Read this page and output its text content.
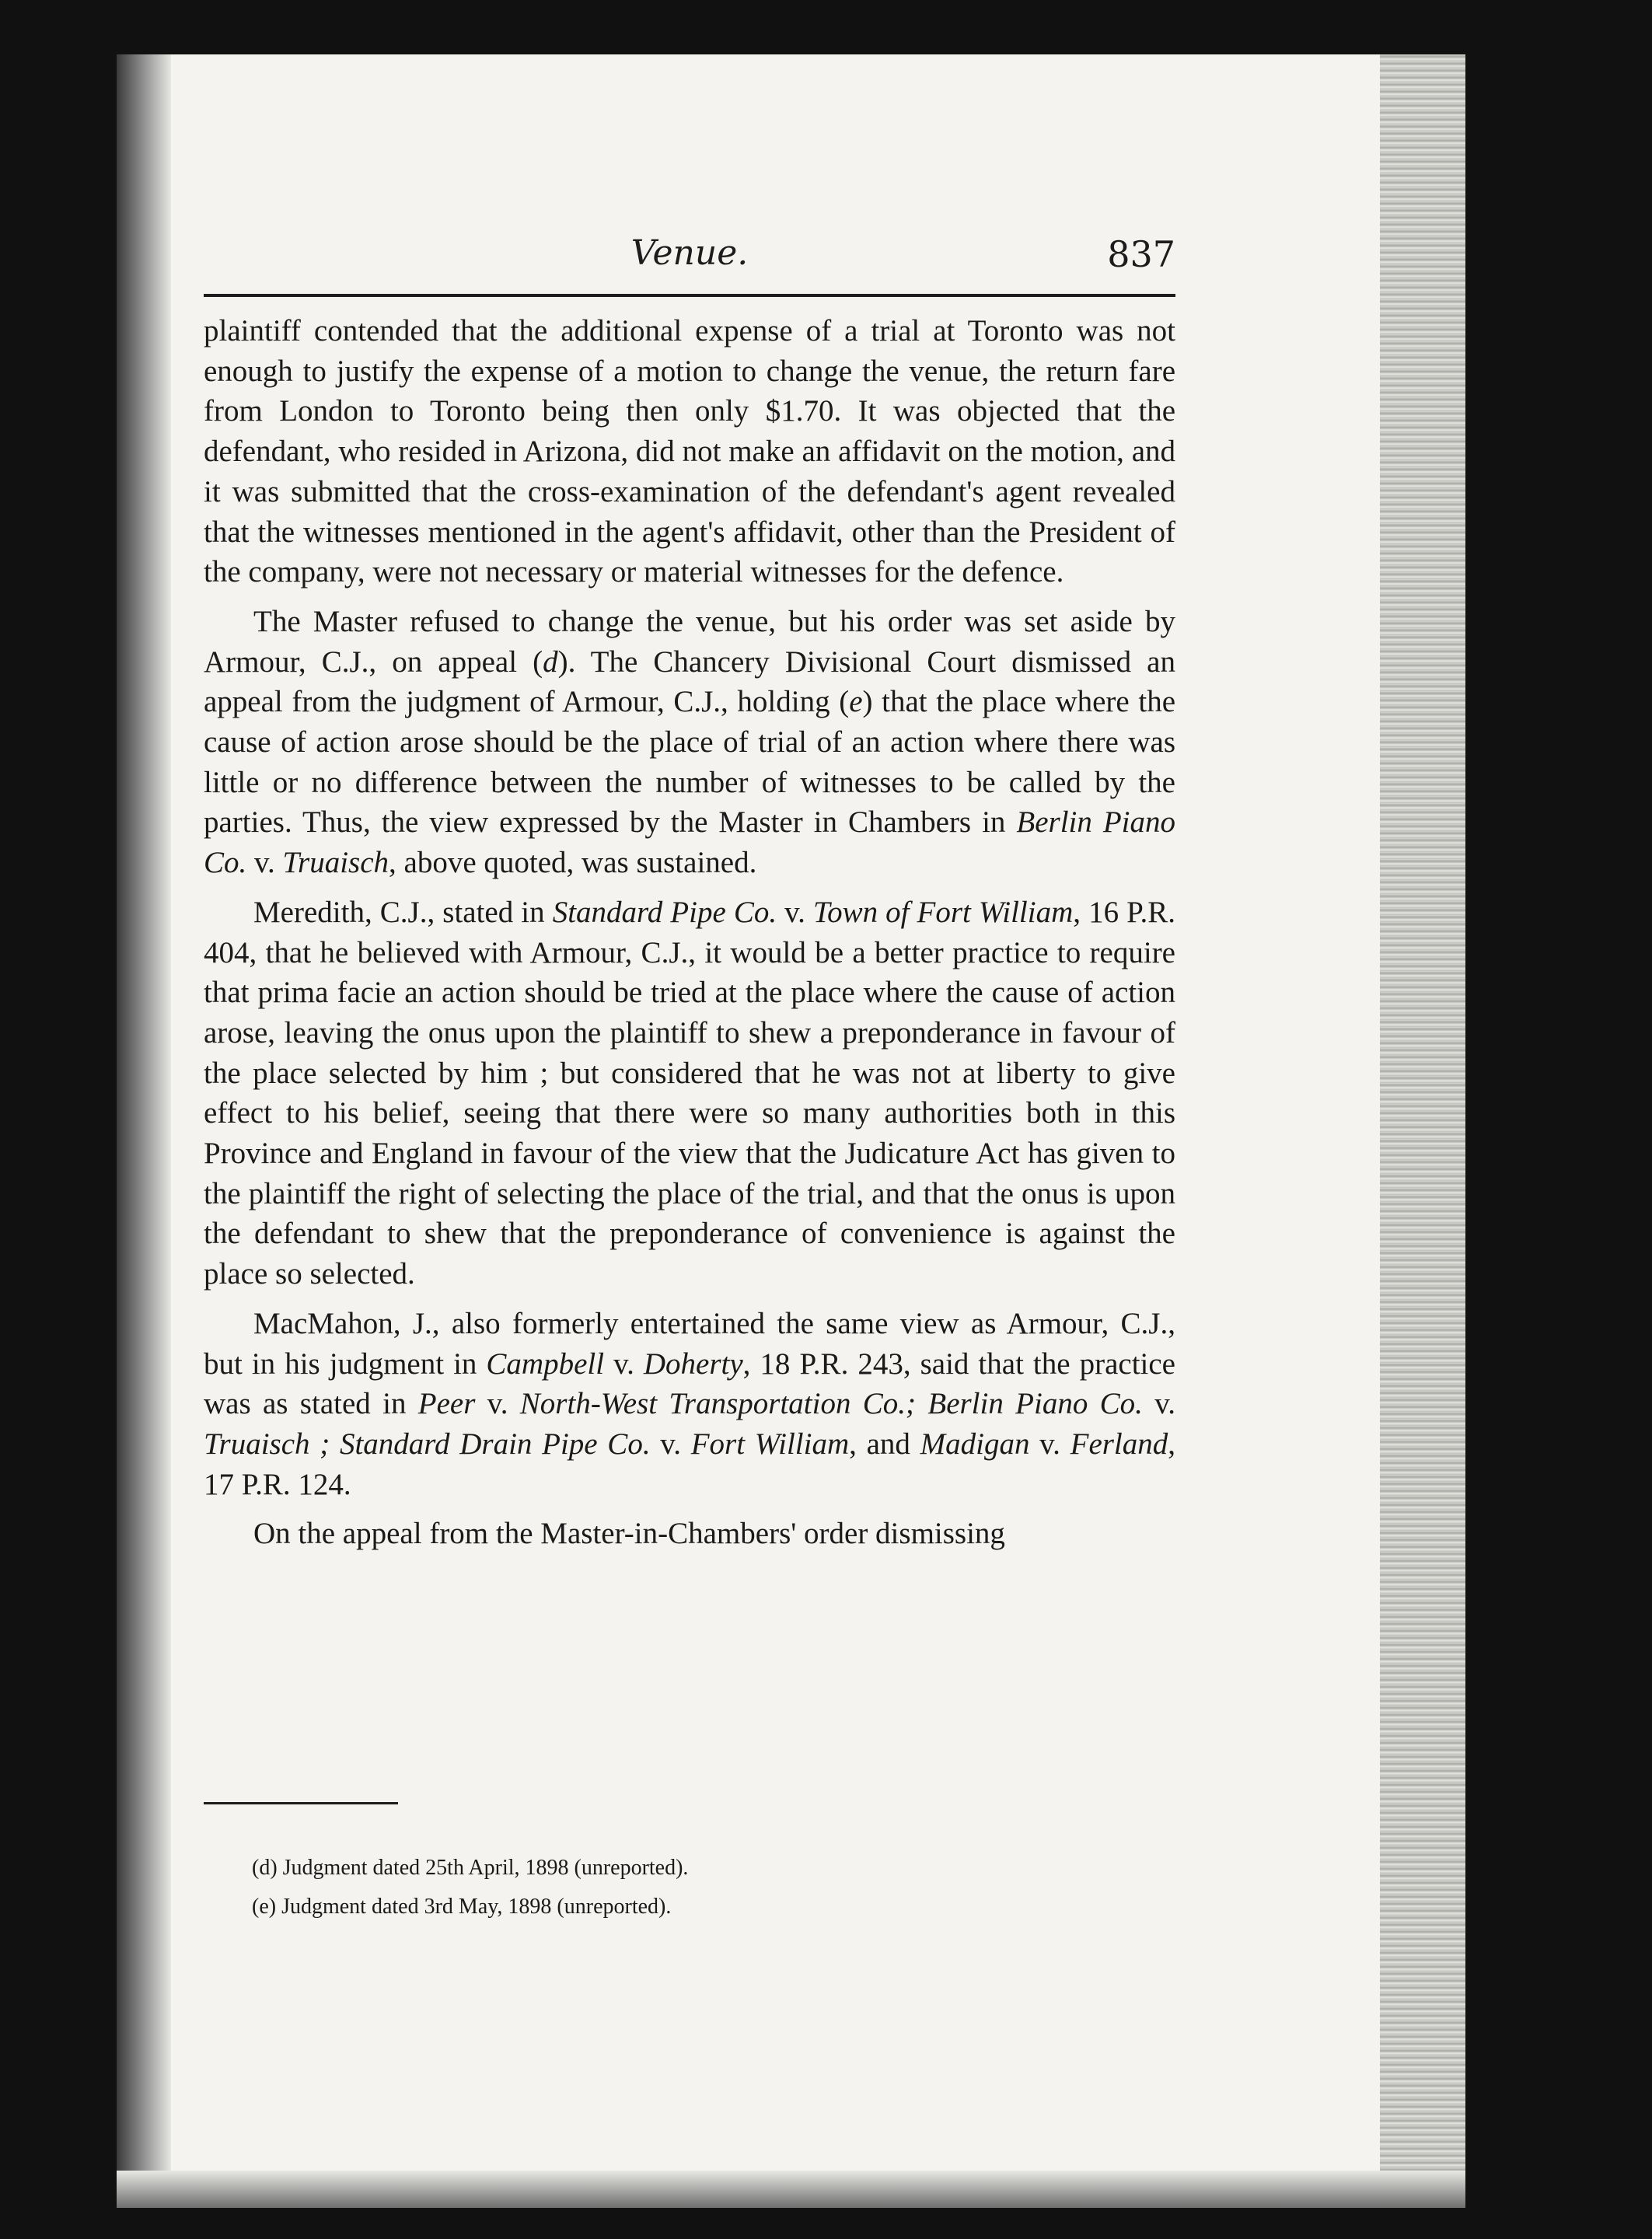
Venue.	837

plaintiff contended that the additional expense of a trial at Toronto was not enough to justify the expense of a motion to change the venue, the return fare from London to Toronto being then only $1.70. It was objected that the defendant, who resided in Arizona, did not make an affidavit on the motion, and it was submitted that the cross-examination of the defendant's agent revealed that the witnesses mentioned in the agent's affidavit, other than the President of the company, were not necessary or material witnesses for the defence.

The Master refused to change the venue, but his order was set aside by Armour, C.J., on appeal (d). The Chancery Divisional Court dismissed an appeal from the judgment of Armour, C.J., holding (e) that the place where the cause of action arose should be the place of trial of an action where there was little or no difference between the number of witnesses to be called by the parties. Thus, the view expressed by the Master in Chambers in Berlin Piano Co. v. Truaisch, above quoted, was sustained.

Meredith, C.J., stated in Standard Pipe Co. v. Town of Fort William, 16 P.R. 404, that he believed with Armour, C.J., it would be a better practice to require that prima facie an action should be tried at the place where the cause of action arose, leaving the onus upon the plaintiff to shew a preponderance in favour of the place selected by him ; but considered that he was not at liberty to give effect to his belief, seeing that there were so many authorities both in this Province and England in favour of the view that the Judicature Act has given to the plaintiff the right of selecting the place of the trial, and that the onus is upon the defendant to shew that the preponderance of convenience is against the place so selected.

MacMahon, J., also formerly entertained the same view as Armour, C.J., but in his judgment in Campbell v. Doherty, 18 P.R. 243, said that the practice was as stated in Peer v. North-West Transportation Co.; Berlin Piano Co. v. Truaisch ; Standard Drain Pipe Co. v. Fort William, and Madigan v. Ferland, 17 P.R. 124.

On the appeal from the Master-in-Chambers' order dismissing

(d) Judgment dated 25th April, 1898 (unreported).
(e) Judgment dated 3rd May, 1898 (unreported).
